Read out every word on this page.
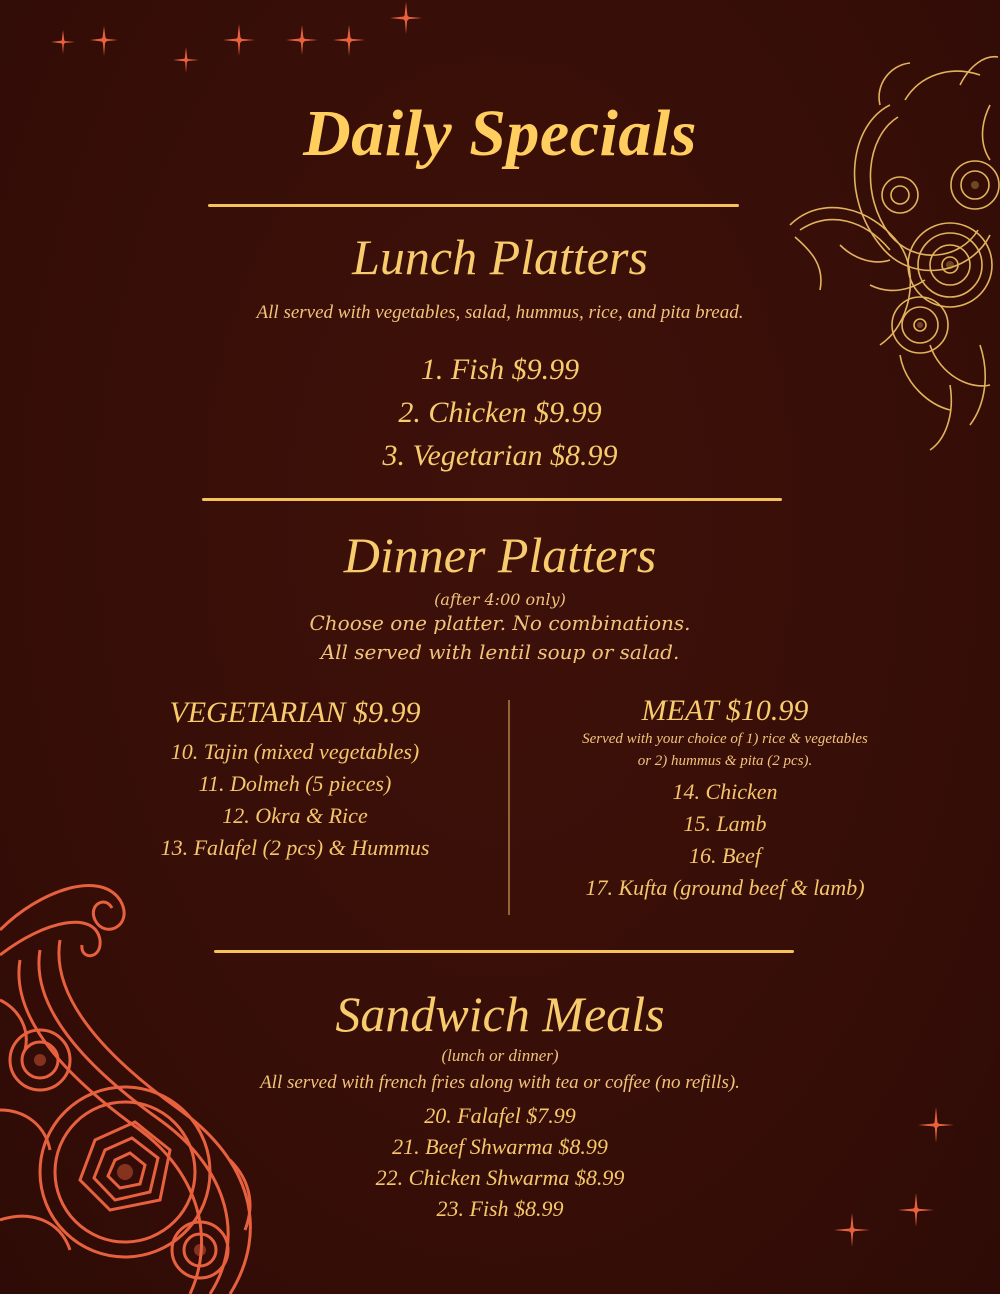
Daily Specials
Lunch Platters
All served with vegetables, salad, hummus, rice, and pita bread.
1. Fish $9.99
2. Chicken $9.99
3. Vegetarian $8.99
Dinner Platters
(after 4:00 only)
Choose one platter. No combinations.
All served with lentil soup or salad.
VEGETARIAN $9.99
10. Tajin (mixed vegetables)
11. Dolmeh (5 pieces)
12. Okra & Rice
13. Falafel (2 pcs) & Hummus
MEAT $10.99
Served with your choice of 1) rice & vegetables
or 2) hummus & pita (2 pcs).
14. Chicken
15. Lamb
16. Beef
17. Kufta (ground beef & lamb)
Sandwich Meals
(lunch or dinner)
All served with french fries along with tea or coffee (no refills).
20. Falafel $7.99
21. Beef Shwarma $8.99
22. Chicken Shwarma $8.99
23. Fish $8.99
